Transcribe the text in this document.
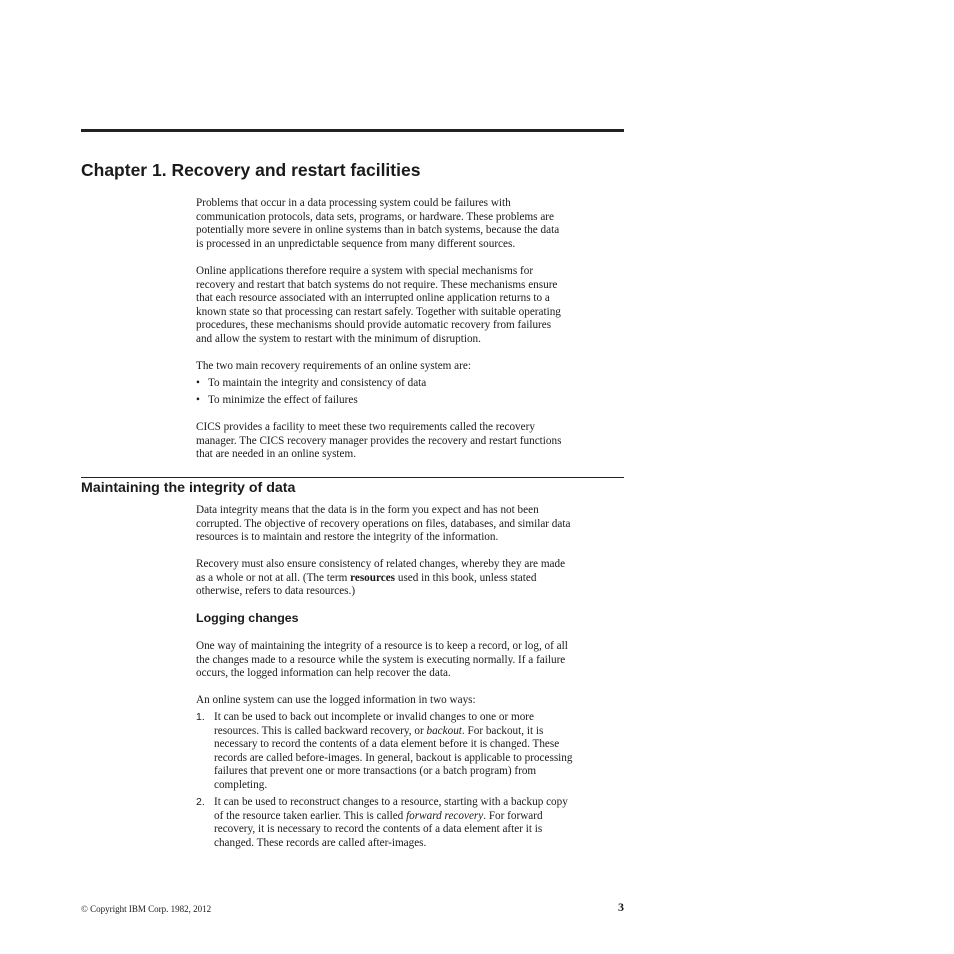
Chapter 1. Recovery and restart facilities

Problems that occur in a data processing system could be failures with
communication protocols, data sets, programs, or hardware. These problems are
potentially more severe in online systems than in batch systems, because the data
is processed in an unpredictable sequence from many different sources.

Online applications therefore require a system with special mechanisms for
recovery and restart that batch systems do not require. These mechanisms ensure
that each resource associated with an interrupted online application returns to a
known state so that processing can restart safely. Together with suitable operating
procedures, these mechanisms should provide automatic recovery from failures
and allow the system to restart with the minimum of disruption.

The two main recovery requirements of an online system are:

• To maintain the integrity and consistency of data
• To minimize the effect of failures

CICS provides a facility to meet these two requirements called the recovery
manager. The CICS recovery manager provides the recovery and restart functions
that are needed in an online system.

Maintaining the integrity of data

Data integrity means that the data is in the form you expect and has not been
corrupted. The objective of recovery operations on files, databases, and similar data
resources is to maintain and restore the integrity of the information.

Recovery must also ensure consistency of related changes, whereby they are made
as a whole or not at all. (The term resources used in this book, unless stated
otherwise, refers to data resources.)

Logging changes

One way of maintaining the integrity of a resource is to keep a record, or log, of all
the changes made to a resource while the system is executing normally. If a failure
occurs, the logged information can help recover the data.

An online system can use the logged information in two ways:

1. It can be used to back out incomplete or invalid changes to one or more
resources. This is called backward recovery, or backout. For backout, it is
necessary to record the contents of a data element before it is changed. These
records are called before-images. In general, backout is applicable to processing
failures that prevent one or more transactions (or a batch program) from
completing.
2. It can be used to reconstruct changes to a resource, starting with a backup copy
of the resource taken earlier. This is called forward recovery. For forward
recovery, it is necessary to record the contents of a data element after it is
changed. These records are called after-images.
© Copyright IBM Corp. 1982, 2012	3
